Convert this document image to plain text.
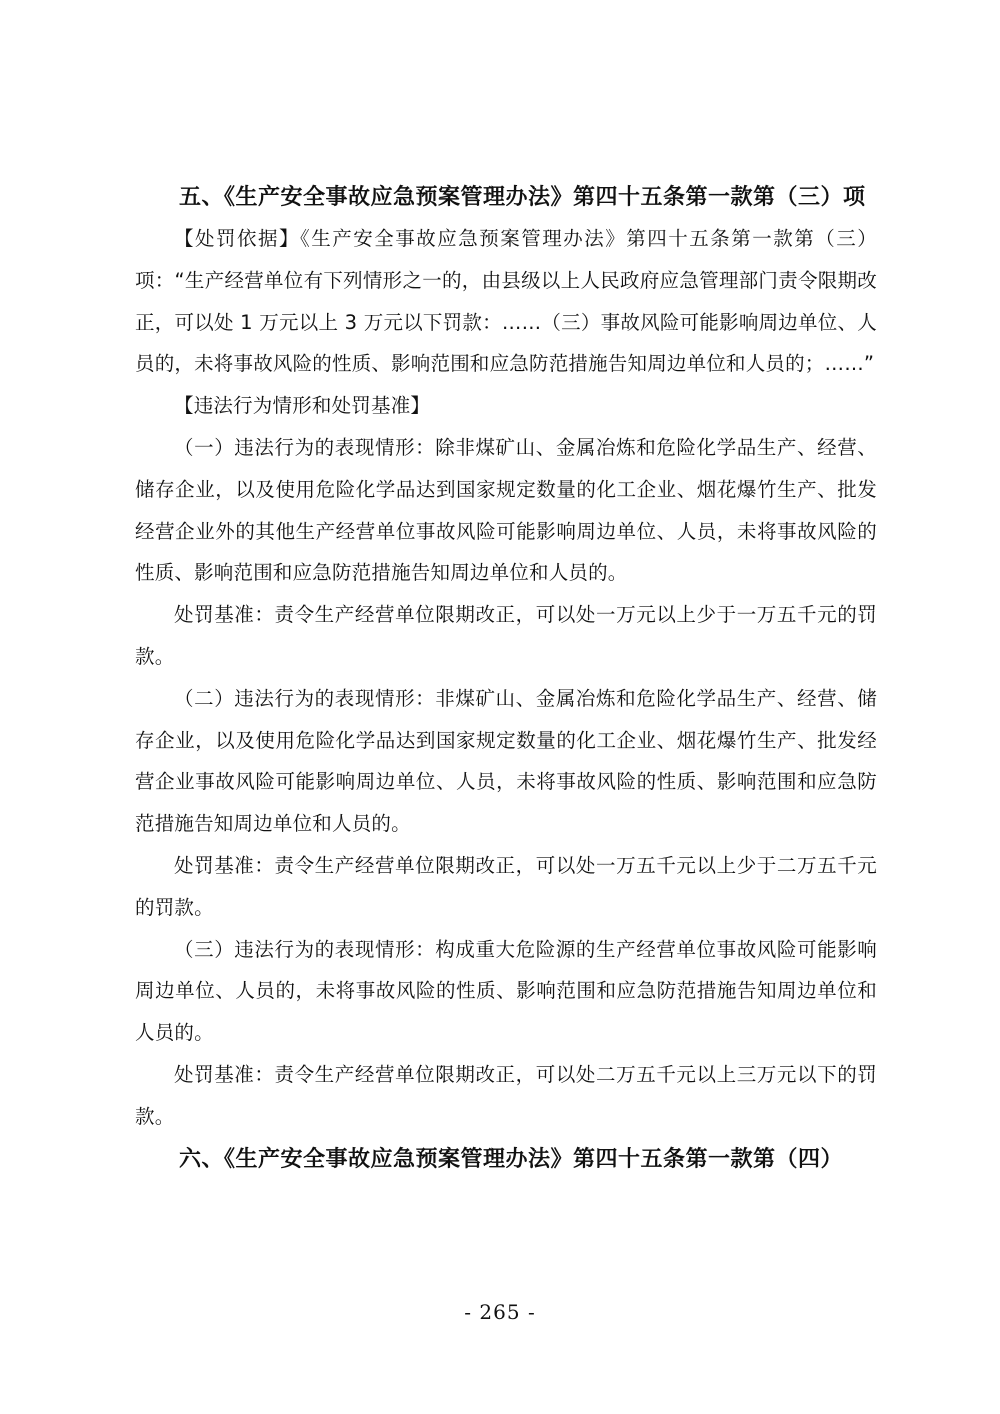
五、《生产安全事故应急预案管理办法》第四十五条第一款第（三）项

【处罚依据】《生产安全事故应急预案管理办法》第四十五条第一款第（三）项：“生产经营单位有下列情形之一的，由县级以上人民政府应急管理部门责令限期改正，可以处 1 万元以上 3 万元以下罚款：……（三）事故风险可能影响周边单位、人员的，未将事故风险的性质、影响范围和应急防范措施告知周边单位和人员的；……”

【违法行为情形和处罚基准】

（一）违法行为的表现情形：除非煤矿山、金属冶炼和危险化学品生产、经营、储存企业，以及使用危险化学品达到国家规定数量的化工企业、烟花爆竹生产、批发经营企业外的其他生产经营单位事故风险可能影响周边单位、人员，未将事故风险的性质、影响范围和应急防范措施告知周边单位和人员的。

处罚基准：责令生产经营单位限期改正，可以处一万元以上少于一万五千元的罚款。

（二）违法行为的表现情形：非煤矿山、金属冶炼和危险化学品生产、经营、储存企业，以及使用危险化学品达到国家规定数量的化工企业、烟花爆竹生产、批发经营企业事故风险可能影响周边单位、人员，未将事故风险的性质、影响范围和应急防范措施告知周边单位和人员的。

处罚基准：责令生产经营单位限期改正，可以处一万五千元以上少于二万五千元的罚款。

（三）违法行为的表现情形：构成重大危险源的生产经营单位事故风险可能影响周边单位、人员的，未将事故风险的性质、影响范围和应急防范措施告知周边单位和人员的。

处罚基准：责令生产经营单位限期改正，可以处二万五千元以上三万元以下的罚款。

六、《生产安全事故应急预案管理办法》第四十五条第一款第（四）

- 265 -
